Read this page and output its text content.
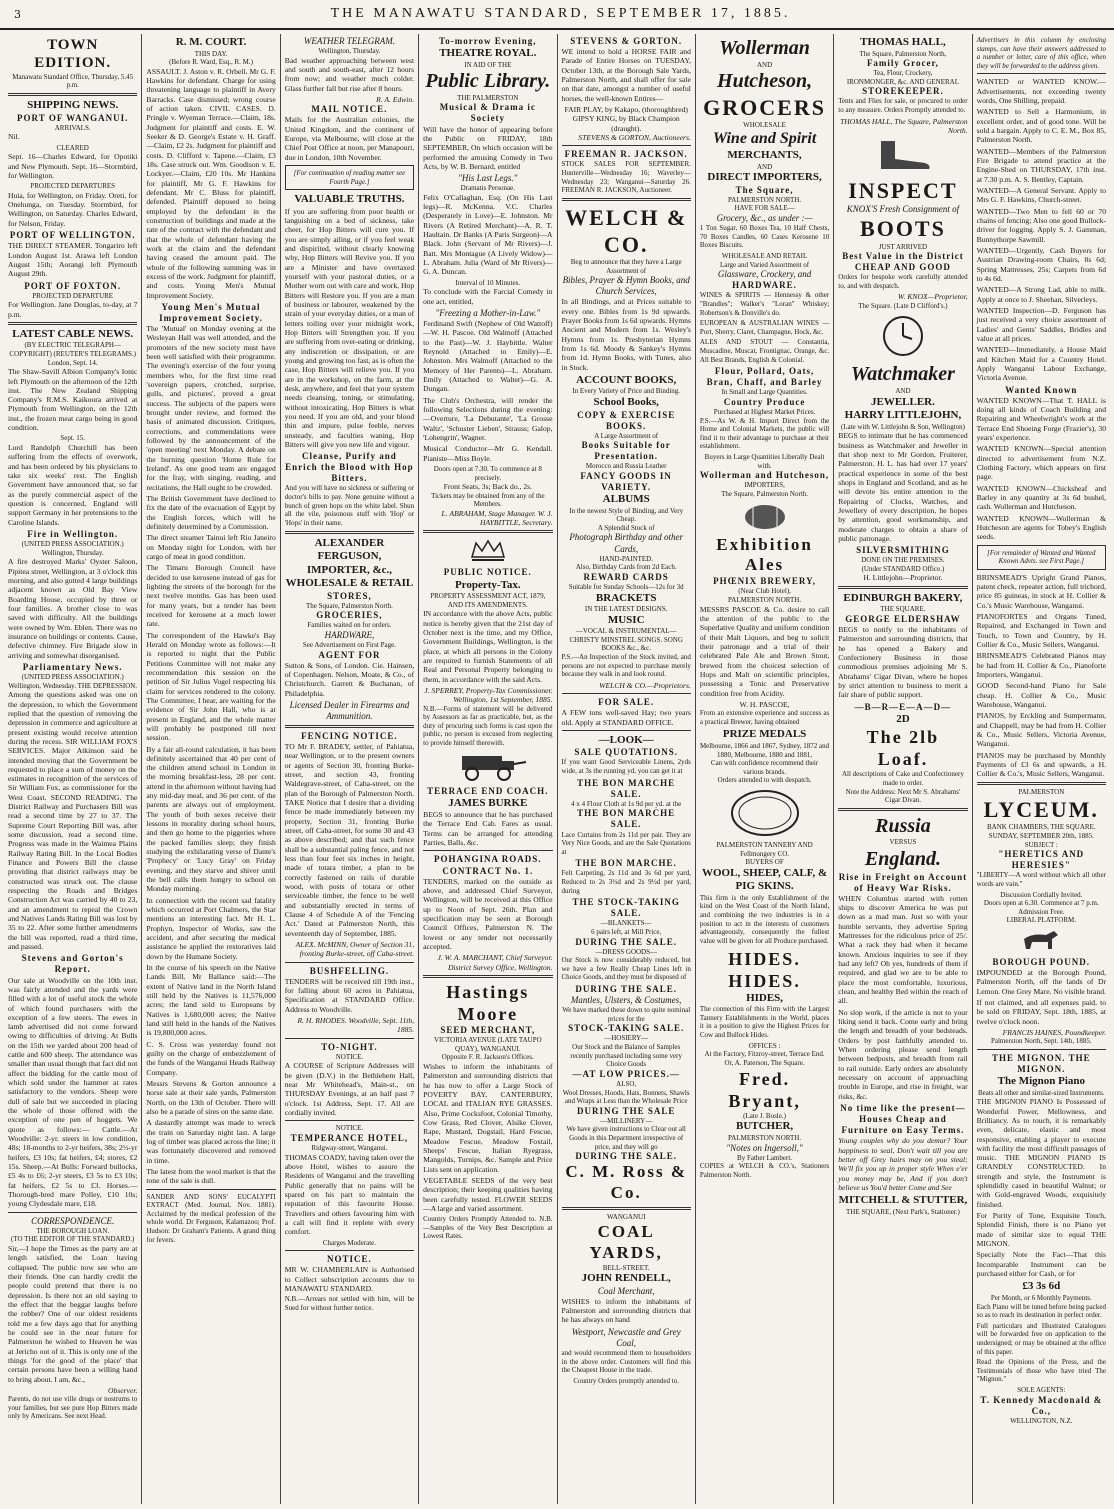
3	THE MANAWATU STANDARD, SEPTEMBER 17, 1885.
TOWN EDITION.
Manawatu Standard Office, Thursday, 5.45 p.m.
SHIPPING NEWS.
PORT OF WANGANUI.
ARRIVALS.
Nil.
CLEARED
Sept. 16—Charles Edward, for Opotiki and New Plymouth. Sept. 16—Stormbird, for Wellington.
PROJECTED DEPARTURES
Huia, for Wellington, on Friday. Oreti, for Onehunga, on Tuesday. Stormbird, for Wellington, on Saturday. Charles Edward, for Nelson, Friday.
PORT OF WELLINGTON.
THE DIRECT STEAMER. Tongariro left London August 1st. Arawa left London August 15th; Aorangi left Plymouth August 29th.
PORT OF FOXTON.
PROJECTED DEPARTURE
For Wellington. Jane Douglas, to-day, at 7 p.m.
LATEST CABLE NEWS.
(BY ELECTRIC TELEGRAPH—COPYRIGHT) (REUTER'S TELEGRAMS.)
London, Sept. 14.
The Shaw-Savill Albion Company's Ionic left Plymouth on the afternoon of the 12th inst. The New Zealand Shipping Company's R.M.S. Kaikoura arrived at Plymouth from Wellington, on the 12th inst., the frozen meat cargo being in good condition.
Sept. 15.
Lord Randolph Churchill has been suffering from the effects of overwork, and has been ordered by his physicians to take six weeks' rest. The English Government have announced that, so far as the purely commercial aspect of the question is concerned, England will support Germany in her pretensions to the Caroline Islands.
Fire in Wellington.
(UNITED PRESS ASSOCIATION.) Wellington, Thursday.
A fire destroyed Marks' Oyster Saloon, Pipitea street, Wellington, at 3 o'clock this morning, and also gutted 4 large buildings adjacent known as Old Bay View Boarding House, occupied by three or four families. A brother close to was saved with difficulty. All the buildings were owned by Wm. Eblen. There was no insurance on buildings or contents. Cause, defective chimney. Fire Brigade slow in arriving and somewhat disorganised.
Parliamentary News.
(UNITED PRESS ASSOCIATION.) Wellington, Wednesday. THE DEPRESSION.
Among the questions asked was one on the depression, to which the Government replied that the question of removing the depression in commerce and agriculture at present existing would receive attention during the recess. SIR WILLIAM FOX'S SERVICES. Major Atkinson said he intended moving that the Government be requested to place a sum of money on the estimates in recognition of the services of Sir William Fox, as commissioner for the West Coast. SECOND READING. The District Railway and Purchasers Bill was read a second time by 27 to 37. The Supreme Court Reporting Bill was, after some discussion, read a second time. Progress was made in the Waimea Plains Railway Rating Bill. In the Local Bodies Finance and Powers Bill the clause providing that district railways may be constructed was struck out. The clause respecting the Roads and Bridges Construction Act was carried by 40 to 23, and an amendment to repeal the Crown and Natives Lands Rating Bill was lost by 35 to 22. After some further amendments the bill was reported, read a third time, and passed.
Stevens and Gorton's Report.
Our sale at Woodville on the 10th inst. was fairly attended and the yards were filled with a lot of useful stock the whole of which found purchasers with the exception of a few steers. The ewes in lamb advertised did not come forward owing to difficulties of driving. At Bulls on the 15th we yarded about 200 head of cattle and 600 sheep. The attendance was smaller than usual though that fact did not affect the bidding for the cattle most of which sold under the hammer at rates satisfactory to the vendors. Sheep were dull of sale but we succeeded in placing the whole of those offered with the exception of one pen of hoggets. We quote as follows:— Cattle.—At Woodville: 2-yr. steers in low condition, 48s; 18-months to 2-yr heifers, 38s; 2½-yr heifers, £3 10s; fat heifers, £4; stores, £2 15s. Sheep.—At Bulls: Forward bullocks, £5 4s to £6; 2-yr steers, £3 5s to £3 10s; fat heifers, £2 5s to £3. Horses.—Thorough-bred mare Polley, £10 10s; young Clydesdale mare, £18.
CORRESPONDENCE.
THE BOROUGH LOAN.
(TO THE EDITOR OF THE STANDARD.)
Sir,—I hope the Times as the party are at length satisfied, the Loan having collapsed. The public now see who are their friends. One can hardly credit the people could pretend that there is no depression. Is there not an old saying to the effect that the beggar laughs before the robber? One of our oldest residents told me a few days ago that for anything he could see in the near future for Palmerston he wished to Heaven he was at Jericho out of it. This is only one of the things 'for the good of the place' that certain persons have been a willing hand to bring about. I am, &c.,
Observer.
Parents, do not use ville drugs or nostrums to your families, but see pure Hop Bitters made only by Americans. See next Head.
R. M. COURT.
THIS DAY.
(Before R. Ward, Esq., R. M.)
ASSAULT. J. Aston v. R. Orbell. Mr G. F. Hawkins for defendant. Charge for using threatening language to plaintiff in Avery Barracks. Case dismissed; wrong course of action taken. CIVIL CASES. D. Pringle v. Wyeman Terrace.—Claim, 18s. Judgment for plaintiff and costs. E. W. Seeker & D. George's Estate v. H. Graff.—Claim, £2 2s. Judgment for plaintiff and costs. D. Clifford v. Tapene.—Claim, £3 18s. Case struck out. Wm. Goodison v. E. Lockyer.—Claim, £20 10s. Mr Hankins for plaintiff, Mr G. F. Hawkins for defendant. Mr C. Bluss for plaintiff, defended. Plaintiff deposed to being employed by the defendant in the construction of buildings and made at the rate of the contract with the defendant and that the whole of defendant having the work at the claim and the defendant having ceased the amount paid. The whole of the following summing was in excess of the work. Judgment for plaintiff, and costs. Young Men's Mutual Improvement Society.
Young Men's Mutual Improvement Society.
The 'Mutual' on Monday evening at the Wesleyan Hall was well attended, and the promoters of the new society must have been well satisfied with their programme. The evening's exercise of the four young members who, for the first time read 'sovereign papers, crotched, surprise, gulls, and pictures', proved a great success. The subjects of the papers were brought under review, and formed the basis of animated discussion. Critiques, corrections, and commendations were followed by the announcement of the 'open meeting' next Monday. A debate on the burning question 'Home Rule for Ireland'. As one good team are engaged for the fray, with singing, reading, and recitations, the Hall ought to be crowded.
The British Government have declined to fix the date of the evacuation of Egypt by the English forces, which will be definitely determined by a Commission.
The direct steamer Tainui left Rio Janeiro on Monday night for London, with her cargo of meat in good condition.
The Timaru Borough Council have decided to use kerosene instead of gas for lighting the streets of the borough for the next twelve months. Gas has been used for many years, but a tender has been received for kerosene at a much lower rate.
The correspondent of the Hawke's Bay Herald on Monday wrote as follows:—It is reported to night that the Public Petitions Committee will not make any recommendation this session on the petition of Sir Julius Vogel respecting his claim for services rendered to the colony. The Committee, I hear, are waiting for the evidence of Sir John Hall, who is at present in England, and the whole matter will probably be postponed till next session.
By a fair all-round calculation, it has been definitely ascertained that 40 per cent of the children attend school in London in the morning breakfast-less, 28 per cent. attend in the afternoon without having had any mid-day meal, and 36 per cent. of the parents are always out of employment. The youth of both sexes receive their lessons in morality during school hours, and then go home to the piggeries where the packed families sleep; they finish studying the exhilarating verse of Dante's 'Prophecy' or 'Lucy Gray' on Friday evening, and they starve and shiver until the bell calls them hungry to school on Monday morning.
In connection with the recent sad fatality which occurred at Port Chalmers, the Star mentions an interesting fact. Mr H. L. Prophyn, Inspector of Works, saw the accident, and after securing the medical assistance he applied the restoratives laid down by the Humane Society.
In the course of his speech on the Native Lands Bill, Mr Ballance said:—The extent of Native land in the North Island still held by the Natives is 11,576,000 acres; the land sold to Europeans by Natives is 1,680,000 acres; the Native land still held in the hands of the Natives is 19,800,000 acres.
C. S. Cross was yesterday found not guilty on the charge of embezzlement of the funds of the Wanganui Heads Railway Company.
Messrs Stevens & Gorton announce a horse sale at their sale yards, Palmerston North, on the 13th of October. There will also be a parade of sires on the same date.
A dastardly attempt was made to wreck the train on Saturday night last. A large log of timber was placed across the line; it was fortunately discovered and removed in time.
The latest from the wool market is that the tone of the sale is dull.
SANDER AND SONS' EUCALYPTI EXTRACT (Med. Journal, Nov. 1881). Acclaimed by the medical profession of the whole world. Dr Ferguson, Kalamazoo; Prof. Hudson: Dr Graham's Patients. A grand thing for fevers.
WEATHER TELEGRAM.
Wellington, Thursday.
Bad weather approaching between west and south and south-east, after 12 hours from now; and weather much colder. Glass further fall but rise after 8 hours.
R. A. Edwin.
MAIL NOTICE.
Mails for the Australian colonies, the United Kingdom, and the continent of Europe, via Melbourne, will close at the Chief Post Office at noon, per Manapouri, due in London, 10th November.
[For continuation of reading matter see Fourth Page.]
VALUABLE TRUTHS.
If you are suffering from poor health or languishing on a bed of sickness, take cheer, for Hop Bitters will cure you. If you are simply ailing, or if you feel weak and dispirited, without clearly knowing why, Hop Bitters will Revive you. If you are a Minister and have overtaxed yourself with your pastoral duties, or a Mother worn out with care and work, Hop Bitters will Restore you. If you are a man of business or labourer, weakened by the strain of your everyday duties, or a man of letters toiling over your midnight work, Hop Bitters will Strengthen you. If you are suffering from over-eating or drinking, any indiscretion or dissipation, or are young and growing too fast, as is often the case, Hop Bitters will relieve you. If you are in the workshop, on the farm, at the desk, anywhere, and feel that your system needs cleansing, toning, or stimulating, without intoxicating, Hop Bitters is what you need. If you are old, and your blood thin and impure, pulse feeble, nerves unsteady, and faculties waning, Hop Bitters will give you new life and vigour.
Cleanse, Purify and Enrich the Blood with Hop Bitters.
And you will have no sickness or suffering or doctor's bills to pay. None genuine without a bunch of green hops on the white label. Shun all the vile, poisonous stuff with 'Hop' or 'Hops' in their name.
ALEXANDER FERGUSON,
IMPORTER, &c.,
WHOLESALE & RETAIL
STORES,
The Square, Palmerston North.
GROCERIES,
Families waited on for orders.
HARDWARE,
See Advertisement on First Page.
AGENT FOR
Sutton & Sons, of London. Cie. Hainsen, of Copenhagen. Nelson, Moate, & Co., of Christchurch. Garrett & Buchanan, of Philadelphia.
Licensed Dealer in Firearms and Ammunition.
FENCING NOTICE.
TO Mr F. BRADEY, settler, of Pahiatua, near Wellington, or to the present owners or agents of Section 30, fronting Burke-street, and section 43, fronting Waldegrave-street, of Caba-street, on the plan of the Borough of Palmerston North. TAKE Notice that I desire that a dividing fence be made immediately between my property, Section 31, fronting Burke street, off Caba-street, for some 30 and 43 as above described; and that such fence shall be a substantial paling fence, and not less than four feet six inches in height, made of totara timber, a plan to be correctly fastened on rails of durable wood, with posts of totara or other serviceable timber, the fence to be well and substantially erected in terms of Clause 4 of Schedule A of the 'Fencing Act.' Dated at Palmerston North, this seventeenth day of September, 1885.
ALEX. McMINN, Owner of Section 31, fronting Burke-street, off Caba-street.
BUSHFELLING.
TENDERS will be received till 19th inst., for falling about 60 acres in Pahiatua, Specification at STANDARD Office. Address to Woodville.
R. H. RHODES. Woodville, Sept. 11th, 1885.
TO-NIGHT.
NOTICE.
A COURSE of Scripture Addresses will be given (D.V.) in the Bethlehem Hall, near Mr Whitehead's, Main-st., on THURSDAY Evenings, at an half past 7 o'clock. 1st Address, Sept. 17. All are cordially invited.
NOTICE.
TEMPERANCE HOTEL,
Ridgway-street, Wanganui.
THOMAS COADY, having taken over the above Hotel, wishes to assure the Residents of Wanganui and the travelling Public generally that no pains will be spared on his part to maintain the reputation of this favourite House. Travellers and others favouring him with a call will find it replete with every comfort.
Charges Moderate.
NOTICE.
MR W. CHAMBERLAIN is Authorised to Collect subscription accounts due to MANAWATU STANDARD.
N.B.—Arrears not settled with him, will be Sued for without further notice.
To-morrow Evening,
THEATRE ROYAL.
IN AID OF THE
Public Library.
THE PALMERSTON
Musical & Drama ic Society
Will have the honor of appearing before the Public on FRIDAY, 18th SEPTEMBER, On which occasion will be performed the amusing Comedy in Two Acts, by W. B. Bernard, entitled
"His Last Legs."
Dramatis Personae.
Felix O'Callaghan, Esq. (On His Last legs)—R. McKenna. V.C. Charles (Desperately in Love)—E. Johnston. Mr Rivers (A Retired Merchant)—A. R. T. Haultain. Dr Banks (A Paris Surgeon)—A Black. John (Servant of Mr Rivers)—J. Batt. Mrs Montague (A Lively Widow)—L. Abraham. Julia (Ward of Mr Rivers)—G. A. Duncan.
Interval of 10 Minutes.
To conclude with the Farcial Comedy in one act, entitled,
"Freezing a Mother-in-Law."
Ferdinand Swift (Nephew of Old Wattoff)—W. H. Pascoe. Old Walmoff (Attached to the Past)—W. J. Haybittle. Walter Reynold (Attached to Emily)—E. Johnston. Mrs Walmoff (Attached to the Memory of Her Parents)—L. Abraham. Emily (Attached to Walter)—G. A. Dungan.
The Club's Orchestra, will render the following Selections during the evening:—Overture, 'La Debutante', 'La Grosse Waltz', 'Schuster Lieben', Strauss; Galop, 'Lohengrin', Wagner.
Musical Conductor—Mr G. Kendall. Pianiste—Miss Boyle.
Doors open at 7.30. To commence at 8 precisely.
Front Seats, 3s; Back do., 2s.
Tickets may be obtained from any of the Members.
L. ABRAHAM, Stage Manager. W. J. HAYBITTLE, Secretary.
PUBLIC NOTICE.
Property-Tax.
PROPERTY ASSESSMENT ACT, 1879, AND ITS AMENDMENTS.
IN accordance with the above Acts, public notice is hereby given that the 21st day of October next is the time, and my Office, Government Buildings, Wellington, is the place, at which all persons in the Colony are required to furnish Statements of all Real and Personal Property belonging to them, in accordance with the said Acts.
J. SPERREY, Property-Tax Commissioner. Wellington, 1st September, 1885.
N.B.—Forms of statement will be delivered by Assessors as far as practicable, but, as the duty of procuring such forms is cast upon the public, no person is excused from neglecting to provide himself therewith.
TERRACE END COACH.
JAMES BURKE
BEGS to announce that he has purchased the Terrace End Cab. Fares as usual. Terms can be arranged for attending Parties, Balls, &c.
POHANGINA ROADS. CONTRACT No. 1.
TENDERS, marked on the outside as above, and addressed Chief Surveyor, Wellington, will be received at this Office up to Noon of Sept. 26th. Plan and specification may be seen at Borough Council Offices, Palmerston N. The lowest or any tender not necessarily accepted.
J. W. A. MARCHANT, Chief Surveyor. District Survey Office, Wellington.
Hastings Moore
SEED MERCHANT,
VICTORIA AVENUE (LATE TAUPO QUAY), WANGANUI.
Opposite F. R. Jackson's Offices.
Wishes to inform the inhabitants of Palmerston and surrounding districts that he has now to offer a Large Stock of POVERTY BAY, CANTERBURY, LOCAL and ITALIAN RYE GRASSES. Also, Prime Cocksfoot, Colonial Timothy, Cow Grass, Red Clover, Alsike Clover, Rape, Mustard, Dogstail, Hard Fescue, Meadow Fescue, Meadow Foxtail, Sheeps' Fescue, Italian Ryegrass, Mangolds, Turnips, &c. Sample and Price Lists sent on application.
VEGETABLE SEEDS of the very best description; their keeping qualities having been carefully tested. FLOWER SEEDS—A large and varied assortment.
Country Orders Promptly Attended to. N.B.—Samples of the Very Best Description at Lowest Rates.
STEVENS & GORTON.
WE intend to hold a HORSE FAIR and Parade of Entire Horses on TUESDAY, October 13th, at the Borough Sale Yards, Palmerston North, and shall offer for sale on that date, amongst a number of useful horses, the well-known Entires—
FAIR PLAY, by Kakapo, (thoroughbred)
GIPSY KING, by Black Champion (draught).
STEVENS & GORTON, Auctioneers.
FREEMAN R. JACKSON.
STOCK SALES FOR SEPTEMBER. Hunterville—Wednesday 16; Waverley—Wednesday 23; Wanganui—Saturday 26. FREEMAN R. JACKSON, Auctioneer.
WELCH & CO.
Beg to announce that they have a Large Assortment of
Bibles, Prayer & Hymn Books, and Church Services,
In all Bindings, and at Prices suitable to every one. Bibles from 1s 9d upwards. Prayer Books from 1s 6d upwards. Hymns Ancient and Modern from 1s. Wesley's Hymns from 1s. Presbyterian Hymns from 1s 6d. Moody & Sankey's Hymns from 1d. Hymn Books, with Tunes, also in Stock.
ACCOUNT BOOKS,
In Every Variety of Price and Binding.
School Books,
COPY & EXERCISE BOOKS.
A Large Assortment of
Books Suitable for Presentation.
Morocco and Russia Leather
FANCY GOODS IN VARIETY.
ALBUMS
In the newest Style of Binding, and Very Cheap.
A Splendid Stock of
Photograph Birthday and other Cards,
HAND-PAINTED.
Also, Birthday Cards from 2d Each.
REWARD CARDS
Suitable for Sunday Schools—12s for 3d
BRACKETS
IN THE LATEST DESIGNS.
MUSIC
—VOCAL & INSTRUMENTAL— CHRISTY MINSTREL SONGS. SONG BOOKS &c., &c.
P.S.—An Inspection of the Stock invited, and persons are not expected to purchase merely because they walk in and look round.
WELCH & CO.—Proprietors.
FOR SALE.
A FEW tons well-saved Hay; two years old. Apply at STANDARD OFFICE.
—LOOK—
SALE QUOTATIONS.
If you want Good Serviceable Linens, 2yds wide, at 3s the running yd, you can get it at
THE BON MARCHE SALE.
4 x 4 Flour Cloth at 1s 9d per yd. at the
THE BON MARCHE SALE.
Lace Curtains from 2s 11d per pair. They are Very Nice Goods, and are the Sale Quotations at
THE BON MARCHE.
Felt Carpeting, 2s 11d and 3s 6d per yard, Reduced to 2s 3½d and 2s 9½d per yard, during
THE STOCK-TAKING SALE.
—BLANKETS—
6 pairs left, at Mill Price,
DURING THE SALE.
—DRESS GOODS—
Our Stock is now considerably reduced, but we have a few Really Cheap Lines left in Choice Goods, and they must be disposed of
DURING THE SALE.
Mantles, Ulsters, & Costumes,
We have marked these down to quite nominal prices for the
STOCK-TAKING SALE.
—HOSIERY—
Our Stock and the Balance of Samples recently purchased including some very Choice Goods
—AT LOW PRICES.—
ALSO,
Wool Dresses, Hoods, Hats, Bonnets, Shawls and Wraps at Less than the Wholesale Price
DURING THE SALE
—MILLINERY—
We have given instructions to Clear out all Goods in this Department irrespective of price, and they will go
DURING THE SALE.
C. M. Ross & Co.
WANGANUI
COAL YARDS,
BELL-STREET.
JOHN RENDELL,
Coal Merchant,
WISHES to inform the inhabitants of Palmerston and surrounding districts that he has always on hand
Westport, Newcastle and Grey Coal,
and would recommend them to householders in the above order. Customers will find this the Cheapest House in the trade.
Country Orders promptly attended to.
Wollerman
AND
Hutcheson,
GROCERS
WHOLESALE
Wine and Spirit
MERCHANTS,
AND
DIRECT IMPORTERS,
The Square,
PALMERSTON NORTH.
HAVE FOR SALE—
Grocery, &c., as under :—
1 Ton Sugar, 60 Boxes Tea, 10 Half Chests, 70 Boxes Candles, 60 Cases Kerosene 10 Boxes Biscuits.
WHOLESALE AND RETAIL
Large and Varied Assortment of
Glassware, Crockery, and
HARDWARE.
WINES & SPIRITS — Hennessy & other "Brandies"; Walker's "Loran" Whiskey; Robertson's & Donville's do.
EUROPEAN & AUSTRALIAN WINES — Port, Sherry, Claret, Champagne, Hock, &c.
ALES AND STOUT — Constantia, Muscadine, Muscat, Frontignac, Orange, &c. All Best Brands, English & Colonial.
Flour, Pollard, Oats, Bran, Chaff, and Barley
In Small and Large Quantities.
Country Produce
Purchased at Highest Market Prices.
P.S.—As W. & H. Import Direct from the Home and Colonial Markets, the public will find it to their advantage to purchase at their establishment.
Buyers in Large Quantities Liberally Dealt with.
Wollerman and Hutcheson,
IMPORTERS,
The Square, Palmerston North.
Exhibition Ales
PHŒNIX BREWERY,
(Near Club Hotel),
PALMERSTON NORTH.
MESSRS PASCOE & Co. desire to call the attention of the public to the Superlative Quality and uniform condition of their Malt Liquors, and beg to solicit their patronage and a trial of their celebrated Pale Ale and Brown Stout, brewed from the choicest selection of Hops and Malt on scientific principles, possessing a Tonic and Preservative condition free from Acidity.
W. H. PASCOE,
From an extensive experience and success as a practical Brewer, having obtained
PRIZE MEDALS
Melbourne, 1866 and 1867, Sydney, 1872 and 1880, Melbourne, 1880 and 1881,
Can with confidence recommend their various brands.
Orders attended to with despatch.
PALMERSTON TANNERY AND Fellmongery CO.
BUYERS OF
WOOL, SHEEP, CALF, &
PIG SKINS.
This firm is the only Establishment of the kind on the West Coast of the North Island, and combining the two industries is in a position to act in the interests of customers advantageously, consequently the fullest value will be given for all Produce purchased.
HIDES. HIDES.
HIDES,
The connection of this Firm with the Largest Tannery Establishments in the World, places it in a position to give the Highest Prices for Cow and Bullock Hides.
OFFICES :
At the Factory, Fitzroy-street, Terrace End. Or, A. Paterson, The Square.
Fred. Bryant,
(Late J. Bosle.)
BUTCHER,
PALMERSTON NORTH.
"Notes on Ingersoll,"
By Father Lambert.
COPIES at WELCH & CO.'s, Stationers Palmerston North.
THOMAS HALL,
The Square, Palmerston North,
Family Grocer,
Tea, Flour, Crockery,
IRONMONGER, &c. AND GENERAL
STOREKEEPER.
Tents and Flies for sale, or procured to order to any measure. Orders Promptly attended to.
THOMAS HALL, The Square, Palmerston North.
INSPECT
KNOX'S Fresh Consignment of
BOOTS
JUST ARRIVED
Best Value in the District
CHEAP AND GOOD
Orders for bespoke work carefully attended to, and with despatch.
W. KNOX—Proprietor,
The Square. (Late D Clifford's.)
Watchmaker
AND
JEWELLER.
HARRY LITTLEJOHN,
(Late with W. Littlejohn & Son, Wellington)
BEGS to intimate that he has commenced business as Watchmaker and Jeweller in that shop next to Mr Gordon, Fruiterer, Palmerston. H. L. has had over 17 years' practical experience in some of the best shops in England and Scotland, and as he will devote his entire attention to the Repairing of Clocks, Watches, and Jewellery of every description, he hopes by attention, good workmanship, and moderate charges to obtain a share of public patronage.
SILVERSMITHING
DONE ON THE PREMISES.
(Under STANDARD Office.)
H. Littlejohn—Proprietor.
EDINBURGH BAKERY,
THE SQUARE.
GEORGE ELDERSHAW
BEGS to notify to the inhabitants of Palmerston and surrounding districts, that he has opened a Bakery and Confectionery Business in those commodious premises adjoining Mr S. Abrahams' Cigar Divan, where he hopes by strict attention to business to merit a fair share of public support.
—B—R—E—A—D—
2D
The 2lb Loaf.
All descriptions of Cake and Confectionery made to order.
Note the Address: Next Mr S. Abrahams' Cigar Divan.
Russia
VERSUS
England.
Rise in Freight on Account of Heavy War Risks.
WHEN Columbus started with rotten ships to discover America he was put down as a mad man. Just so with your humble servants, they advertise Spring Mattresses for the ridiculous price of 25/. What a rack they had when it became known. Anxious inquiries to see if they had any left? Oh yes, hundreds of them if required, and glad we are to be able to place the most comfortable, luxurious, clean, and healthy Bed within the reach of all.
No slop work, if the article is not to your liking send it back. Come early and bring the length and breadth of your bedsteads. Orders by post faithfully attended to. When ordering please send length between bedposts, and breadth from rail to rail outside. Early orders are absolutely necessary on account of approaching trouble in Europe, and rise in freight, war risks, &c.
No time like the present—Houses Cheap and Furniture on Easy Terms.
Young couples why do you demur? Your happiness to seal, Don't wait till you are better off Grey hairs may on you steal; We'll fix you up in proper style When e'er you money may be, And if you don't believe us You'd better Come and See
MITCHELL & STUTTER,
THE SQUARE, (Next Park's, Stationer.)
Advertisers in this column by enclosing stamps, can have their answers addressed to a number or letter, care of this office, when they will be forwarded to the address given.
WANTED or WANTED KNOW.—Advertisements, not exceeding twenty words, One Shilling, prepaid.
WANTED to Sell a Harmonium, in excellent order, and of good tone. Will be sold a bargain. Apply to C. E. M., Box 85, Palmerston North.
WANTED—Members of the Palmerston Fire Brigade to attend practice at the Engine-Shed on THURSDAY, 17th inst. at 7.30 p.m. A. S. Bentley, Captain.
WANTED—A General Servant. Apply to Mrs G. F. Hawkins, Church-street.
WANTED—Two Men to fell 60 or 70 chains of fencing; Also one good Bullock-driver for logging. Apply S. J. Gamman, Bunnythorpe Sawmill.
WANTED—Urgently, Cash Buyers for Austrian Drawing-room Chairs, 8s 6d; Spring Mattresses, 25s; Carpets from 6d to 4s 6d.
WANTED—A Strong Lad, able to milk. Apply at once to J. Sheehan, Silverleys.
WANTED Inspection—D. Ferguson has just received a very choice assortment of Ladies' and Gents' Saddles, Bridles and value at all prices.
WANTED—Immediately, a House Maid and Kitchen Maid for a Country Hotel. Apply Wanganui Labour Exchange, Victoria Avenue.
Wanted Known
WANTED KNOWN—That T. HALL is doing all kinds of Coach Building and Repairing and Wheelwright's work at the Terrace End Shoeing Forge (Frazier's), 30 years' experience.
WANTED KNOWN—Special attention directed to advertisement from N.Z. Clothing Factory, which appears on first page.
WANTED KNOWN—Chicksheaf and Barley in any quantity at 3s 6d bushel, cash. Wollerman and Hutcheson.
WANTED KNOWN—Wollerman & Hutcheson are agents for Tobey's English seeds.
[For remainder of Wanted and Wanted Known Advts. see First Page.]
BRINSMEAD'S Upright Grand Pianos, patent check, repeater action, full trichord, price 85 guineas, in stock at H. Collier & Co.'s Music Warehouse, Wanganui.
PIANOFORTES and Organs Tuned, Repaired, and Exchanged in Town and Touch, to Town and Country, by H. Collier & Co., Music Sellers, Wanganui.
BRINSMEAD'S Celebrated Pianos may be had from H. Collier & Co., Pianoforte Importers, Wanganui.
GOOD Second-hand Piano for Sale cheap. H. Collier & Co., Music Warehouse, Wanganui.
PIANOS, by Erckling and Sumpermann, and Chappell, may be had from H. Collier & Co., Music Sellers, Victoria Avenue, Wanganui.
PIANOS may be purchased by Monthly Payments of £3 6s and upwards, a H. Collier & Co.'s, Music Sellers, Wanganui.
PALMERSTON
LYCEUM.
BANK CHAMBERS, THE SQUARE.
SUNDAY, SEPTEMBER 20th, 1885.
SUBJECT :
"HERETICS AND HERESIES"
"LIBERTY—A word without which all other words are vain."
Discussion Cordially Invited.
Doors open at 6.30. Commence at 7 p.m.
Admission Free.
LIBERAL PLATFORM.
BOROUGH POUND.
IMPOUNDED at the Borough Pound, Palmerston North, off the lands of Dr Lemon. One Grey Mare. No visible brand.
If not claimed, and all expenses paid, to be sold on FRIDAY, Sept. 18th, 1885, at twelve o'clock noon.
FRANCIS HAINES, Poundkeeper.
Palmerston North, Sept. 14th, 1885.
THE MIGNON. THE MIGNON.
The Mignon Piano
Beats all other and similar-sized Instruments.
THE MIGNON PIANO Is Possessed of Wonderful Power, Mellowness, and Brilliancy. As to touch, it is remarkably even, delicate, elastic and most responsive, enabling a player to execute with facility the most difficult passages of music. THE MIGNON PIANO IS GRANDLY CONSTRUCTED. In strength and style, the Instrument is splendidly cased in beautiful Walnut; or with Gold-engraved Woods, exquisitely finished.
For Purity of Tone, Exquisite Touch, Splendid Finish, there is no Piano yet made of similar size to equal THE MIGNON.
Specially Note the Fact—That this Incomparable Instrument can be purchased either for Cash, or for
£3 3s 6d
Per Month, or 6 Monthly Payments.
Each Piano will be tuned before being packed so as to reach its destination in perfect order.
Full particulars and Illustrated Catalogues will be forwarded free on application to the undersigned; or may be obtained at the office of this paper.
Read the Opinions of the Press, and the Testimonials of those who have tried The "Mignon."
SOLE AGENTS:
T. Kennedy Macdonald & Co.,
WELLINGTON, N.Z.
